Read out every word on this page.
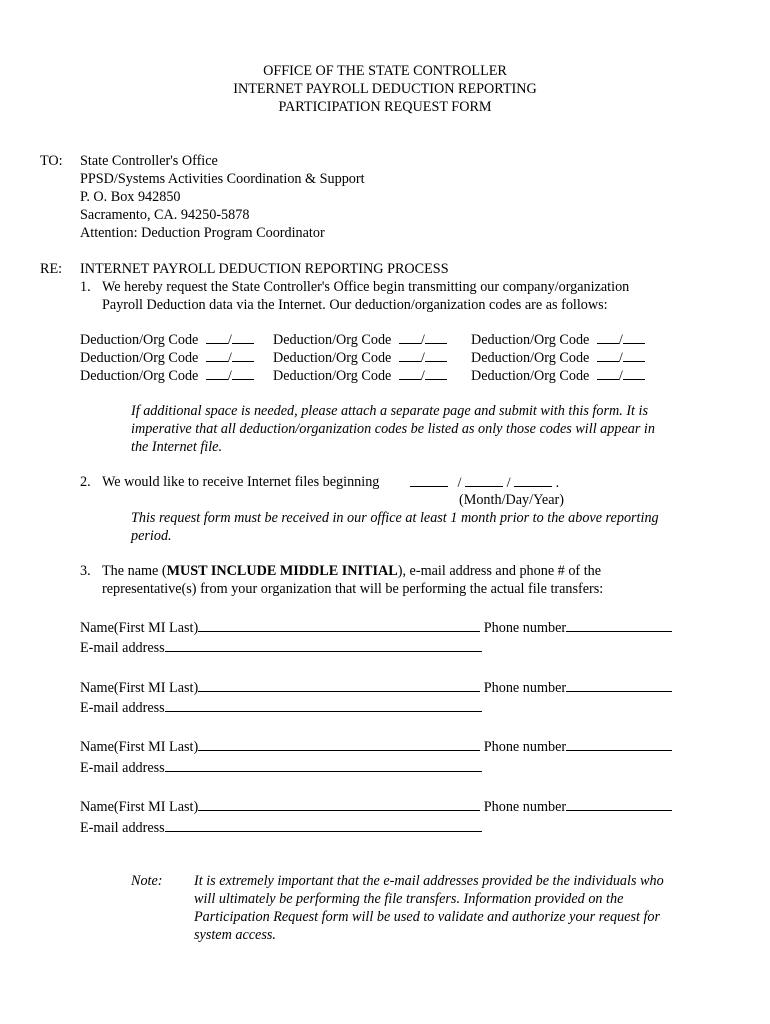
OFFICE OF THE STATE CONTROLLER
INTERNET PAYROLL DEDUCTION REPORTING
PARTICIPATION REQUEST FORM
TO: State Controller's Office
PPSD/Systems Activities Coordination & Support
P. O. Box 942850
Sacramento, CA. 94250-5878
Attention: Deduction Program Coordinator
RE: INTERNET PAYROLL DEDUCTION REPORTING PROCESS
1. We hereby request the State Controller's Office begin transmitting our company/organization
Payroll Deduction data via the Internet. Our deduction/organization codes are as follows:
Deduction/Org Code /	Deduction/Org Code /	Deduction/Org Code /
Deduction/Org Code /	Deduction/Org Code /	Deduction/Org Code /
Deduction/Org Code /	Deduction/Org Code /	Deduction/Org Code /
If additional space is needed, please attach a separate page and submit with this form. It is
imperative that all deduction/organization codes be listed as only those codes will appear in
the Internet file.
2. We would like to receive Internet files beginning	/	/	.
(Month/Day/Year)
This request form must be received in our office at least 1 month prior to the above reporting
period.
3. The name (MUST INCLUDE MIDDLE INITIAL), e-mail address and phone # of the
representative(s) from your organization that will be performing the actual file transfers:
Name(First MI Last)	Phone number
E-mail address
Name(First MI Last)	Phone number
E-mail address
Name(First MI Last)	Phone number
E-mail address
Name(First MI Last)	Phone number
E-mail address
Note: It is extremely important that the e-mail addresses provided be the individuals who
will ultimately be performing the file transfers. Information provided on the
Participation Request form will be used to validate and authorize your request for
system access.
